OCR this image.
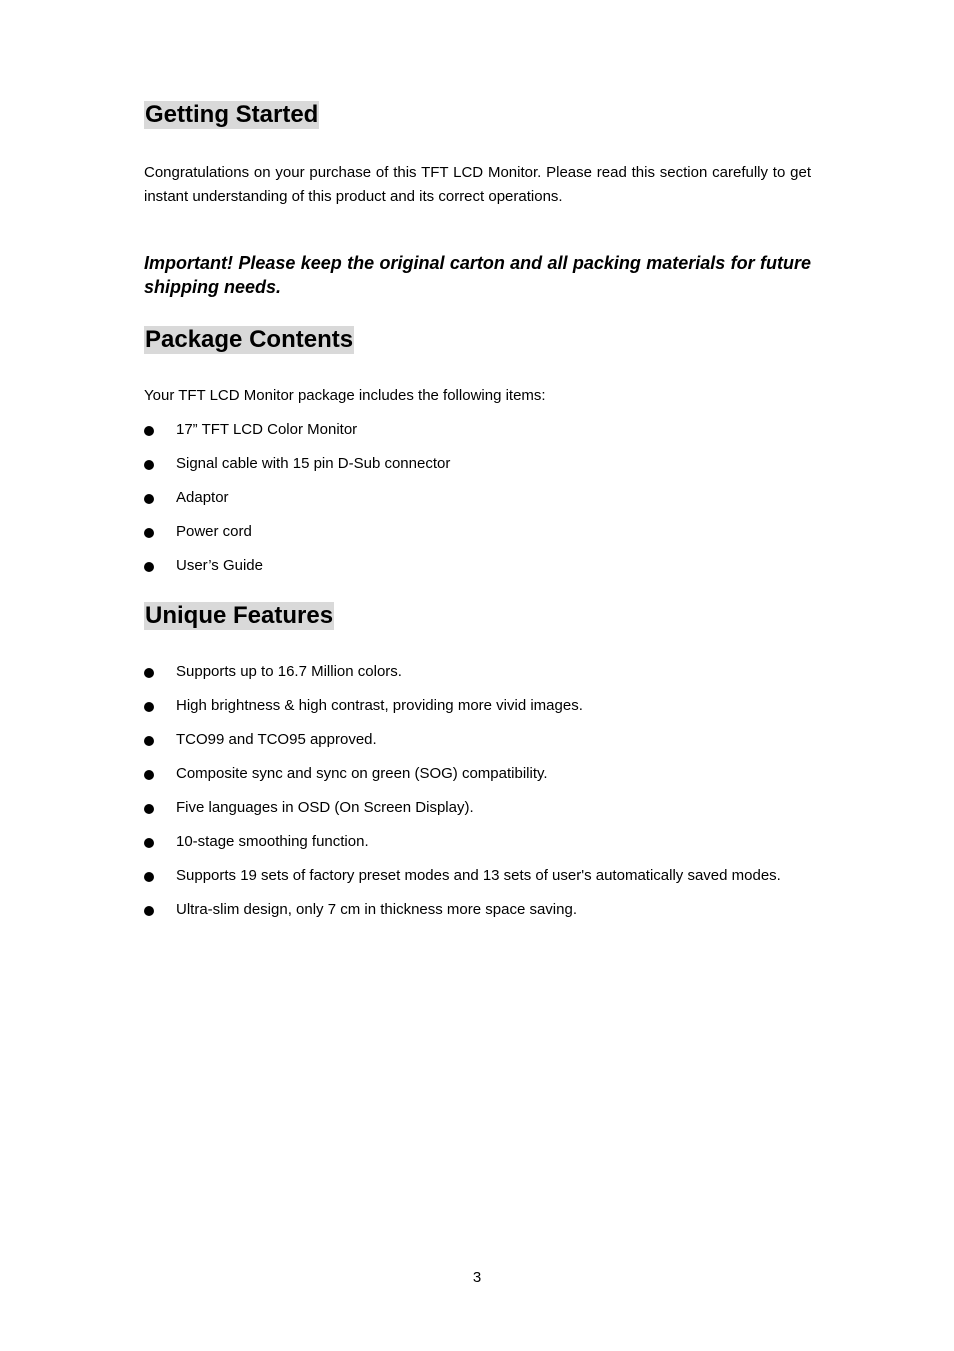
Getting Started

Congratulations on your purchase of this TFT LCD Monitor. Please read this section carefully to get instant understanding of this product and its correct operations.

Important! Please keep the original carton and all packing materials for future shipping needs.

Package Contents

Your TFT LCD Monitor package includes the following items:

17” TFT LCD Color Monitor
Signal cable with 15 pin D-Sub connector
Adaptor
Power cord
User’s Guide
Unique Features
Supports up to 16.7 Million colors.
High brightness & high contrast, providing more vivid images.
TCO99 and TCO95 approved.
Composite sync and sync on green (SOG) compatibility.
Five languages in OSD (On Screen Display).
10-stage smoothing function.
Supports 19 sets of factory preset modes and 13 sets of user's automatically saved modes.
Ultra-slim design, only 7 cm in thickness more space saving.
3
